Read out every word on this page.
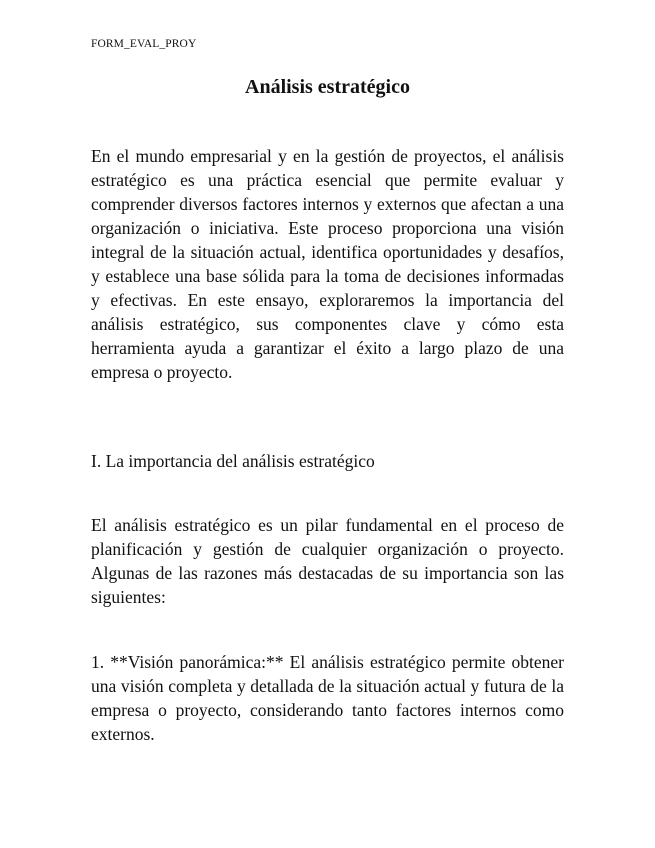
FORM_EVAL_PROY
Análisis estratégico

En el mundo empresarial y en la gestión de proyectos, el análisis estratégico es una práctica esencial que permite evaluar y comprender diversos factores internos y externos que afectan a una organización o iniciativa. Este proceso proporciona una visión integral de la situación actual, identifica oportunidades y desafíos, y establece una base sólida para la toma de decisiones informadas y efectivas. En este ensayo, exploraremos la importancia del análisis estratégico, sus componentes clave y cómo esta herramienta ayuda a garantizar el éxito a largo plazo de una empresa o proyecto.

I. La importancia del análisis estratégico

El análisis estratégico es un pilar fundamental en el proceso de planificación y gestión de cualquier organización o proyecto. Algunas de las razones más destacadas de su importancia son las siguientes:

1. **Visión panorámica:** El análisis estratégico permite obtener una visión completa y detallada de la situación actual y futura de la empresa o proyecto, considerando tanto factores internos como externos.
